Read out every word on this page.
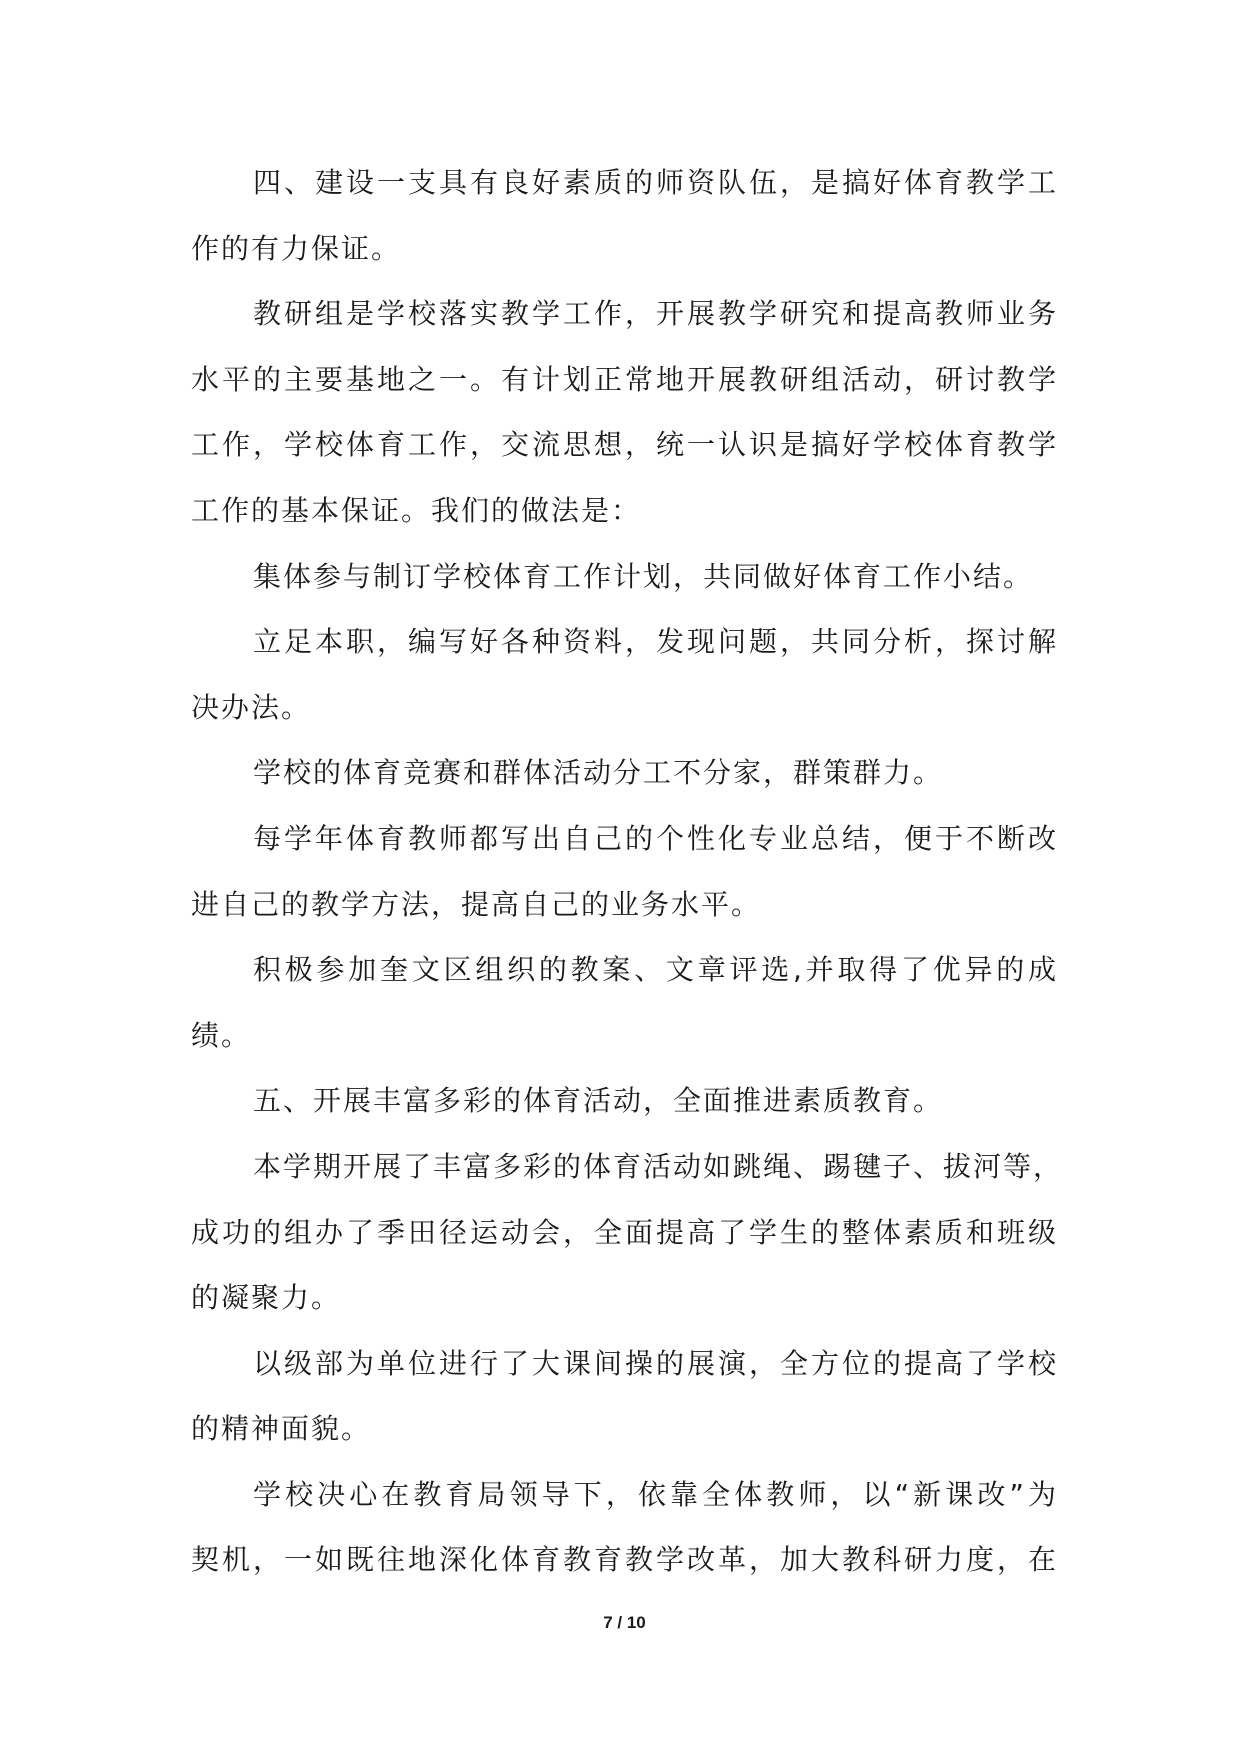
四、建设一支具有良好素质的师资队伍，是搞好体育教学工
作的有力保证。
教研组是学校落实教学工作，开展教学研究和提高教师业务
水平的主要基地之一。有计划正常地开展教研组活动，研讨教学
工作，学校体育工作，交流思想，统一认识是搞好学校体育教学
工作的基本保证。我们的做法是：
集体参与制订学校体育工作计划，共同做好体育工作小结。
立足本职，编写好各种资料，发现问题，共同分析，探讨解
决办法。
学校的体育竞赛和群体活动分工不分家，群策群力。
每学年体育教师都写出自己的个性化专业总结，便于不断改
进自己的教学方法，提高自己的业务水平。
积极参加奎文区组织的教案、文章评选,并取得了优异的成
绩。
五、开展丰富多彩的体育活动，全面推进素质教育。
本学期开展了丰富多彩的体育活动如跳绳、踢毽子、拔河等，
成功的组办了季田径运动会，全面提高了学生的整体素质和班级
的凝聚力。
以级部为单位进行了大课间操的展演，全方位的提高了学校
的精神面貌。
学校决心在教育局领导下，依靠全体教师，以“新课改”为
契机，一如既往地深化体育教育教学改革，加大教科研力度，在
7 / 10
